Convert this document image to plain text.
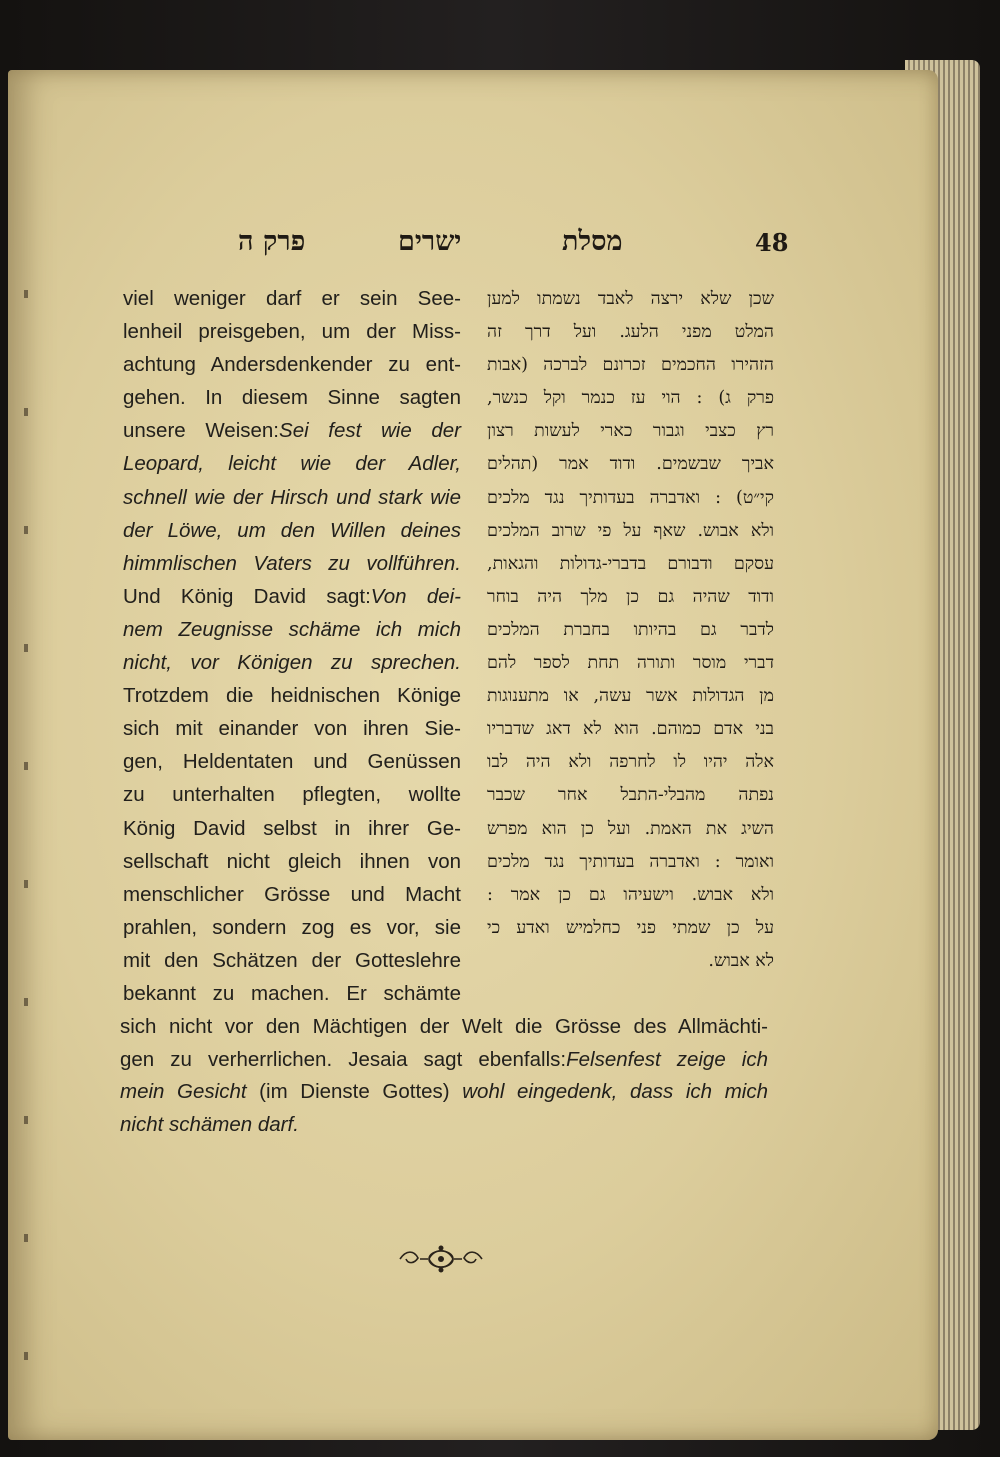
48
מסלת
ישרים
פרק ה
viel weniger darf er sein See-
lenheil preisgeben, um der Miss-
achtung Andersdenkender zu ent-
gehen. In diesem Sinne sagten
unsere Weisen:Sei fest wie der
Leopard, leicht wie der Adler,
schnell wie der Hirsch und stark wie
der Löwe, um den Willen deines
himmlischen Vaters zu vollführen.
Und König David sagt:Von dei-
nem Zeugnisse schäme ich mich
nicht, vor Königen zu sprechen.
Trotzdem die heidnischen Könige
sich mit einander von ihren Sie-
gen, Heldentaten und Genüssen
zu unterhalten pflegten, wollte
König David selbst in ihrer Ge-
sellschaft nicht gleich ihnen von
menschlicher Grösse und Macht
prahlen, sondern zog es vor, sie
mit den Schätzen der Gotteslehre
bekannt zu machen. Er schämte
שכן שלא ירצה לאבד נשמתו למען
המלט מפני הלעג. ועל דרך זה
הזהירו החכמים זכרונם לברכה (אבות
פרק ג) : הוי עז כנמר וקל כנשר,
רץ כצבי וגבור כארי לעשות רצון
אביך שבשמים. ודוד אמר (תהלים
קי״ט) : ואדברה בעדותיך נגד מלכים
ולא אבוש. שאף על פי שרוב המלכים
עסקם ודבורם בדברי-גדולות והגאות,
ודוד שהיה גם כן מלך היה בוחר
לדבר גם בהיותו בחברת המלכים
דברי מוסר ותורה תחת לספר להם
מן הגדולות אשר עשה, או מתענוגות
בני אדם כמוהם. הוא לא דאג שדבריו
אלה יהיו לו לחרפה ולא היה לבו
נפתה מהבלי-התבל אחר שכבר
השיג את האמת. ועל כן הוא מפרש
ואומר : ואדברה בעדותיך נגד מלכים
ולא אבוש. וישעיהו גם כן אמר :
על כן שמתי פני כחלמיש ואדע כי
לא אבוש.
sich nicht vor den Mächtigen der Welt die Grösse des Allmächti-
gen zu verherrlichen. Jesaia sagt ebenfalls:Felsenfest zeige ich
mein Gesicht (im Dienste Gottes) wohl eingedenk, dass ich mich
nicht schämen darf.
